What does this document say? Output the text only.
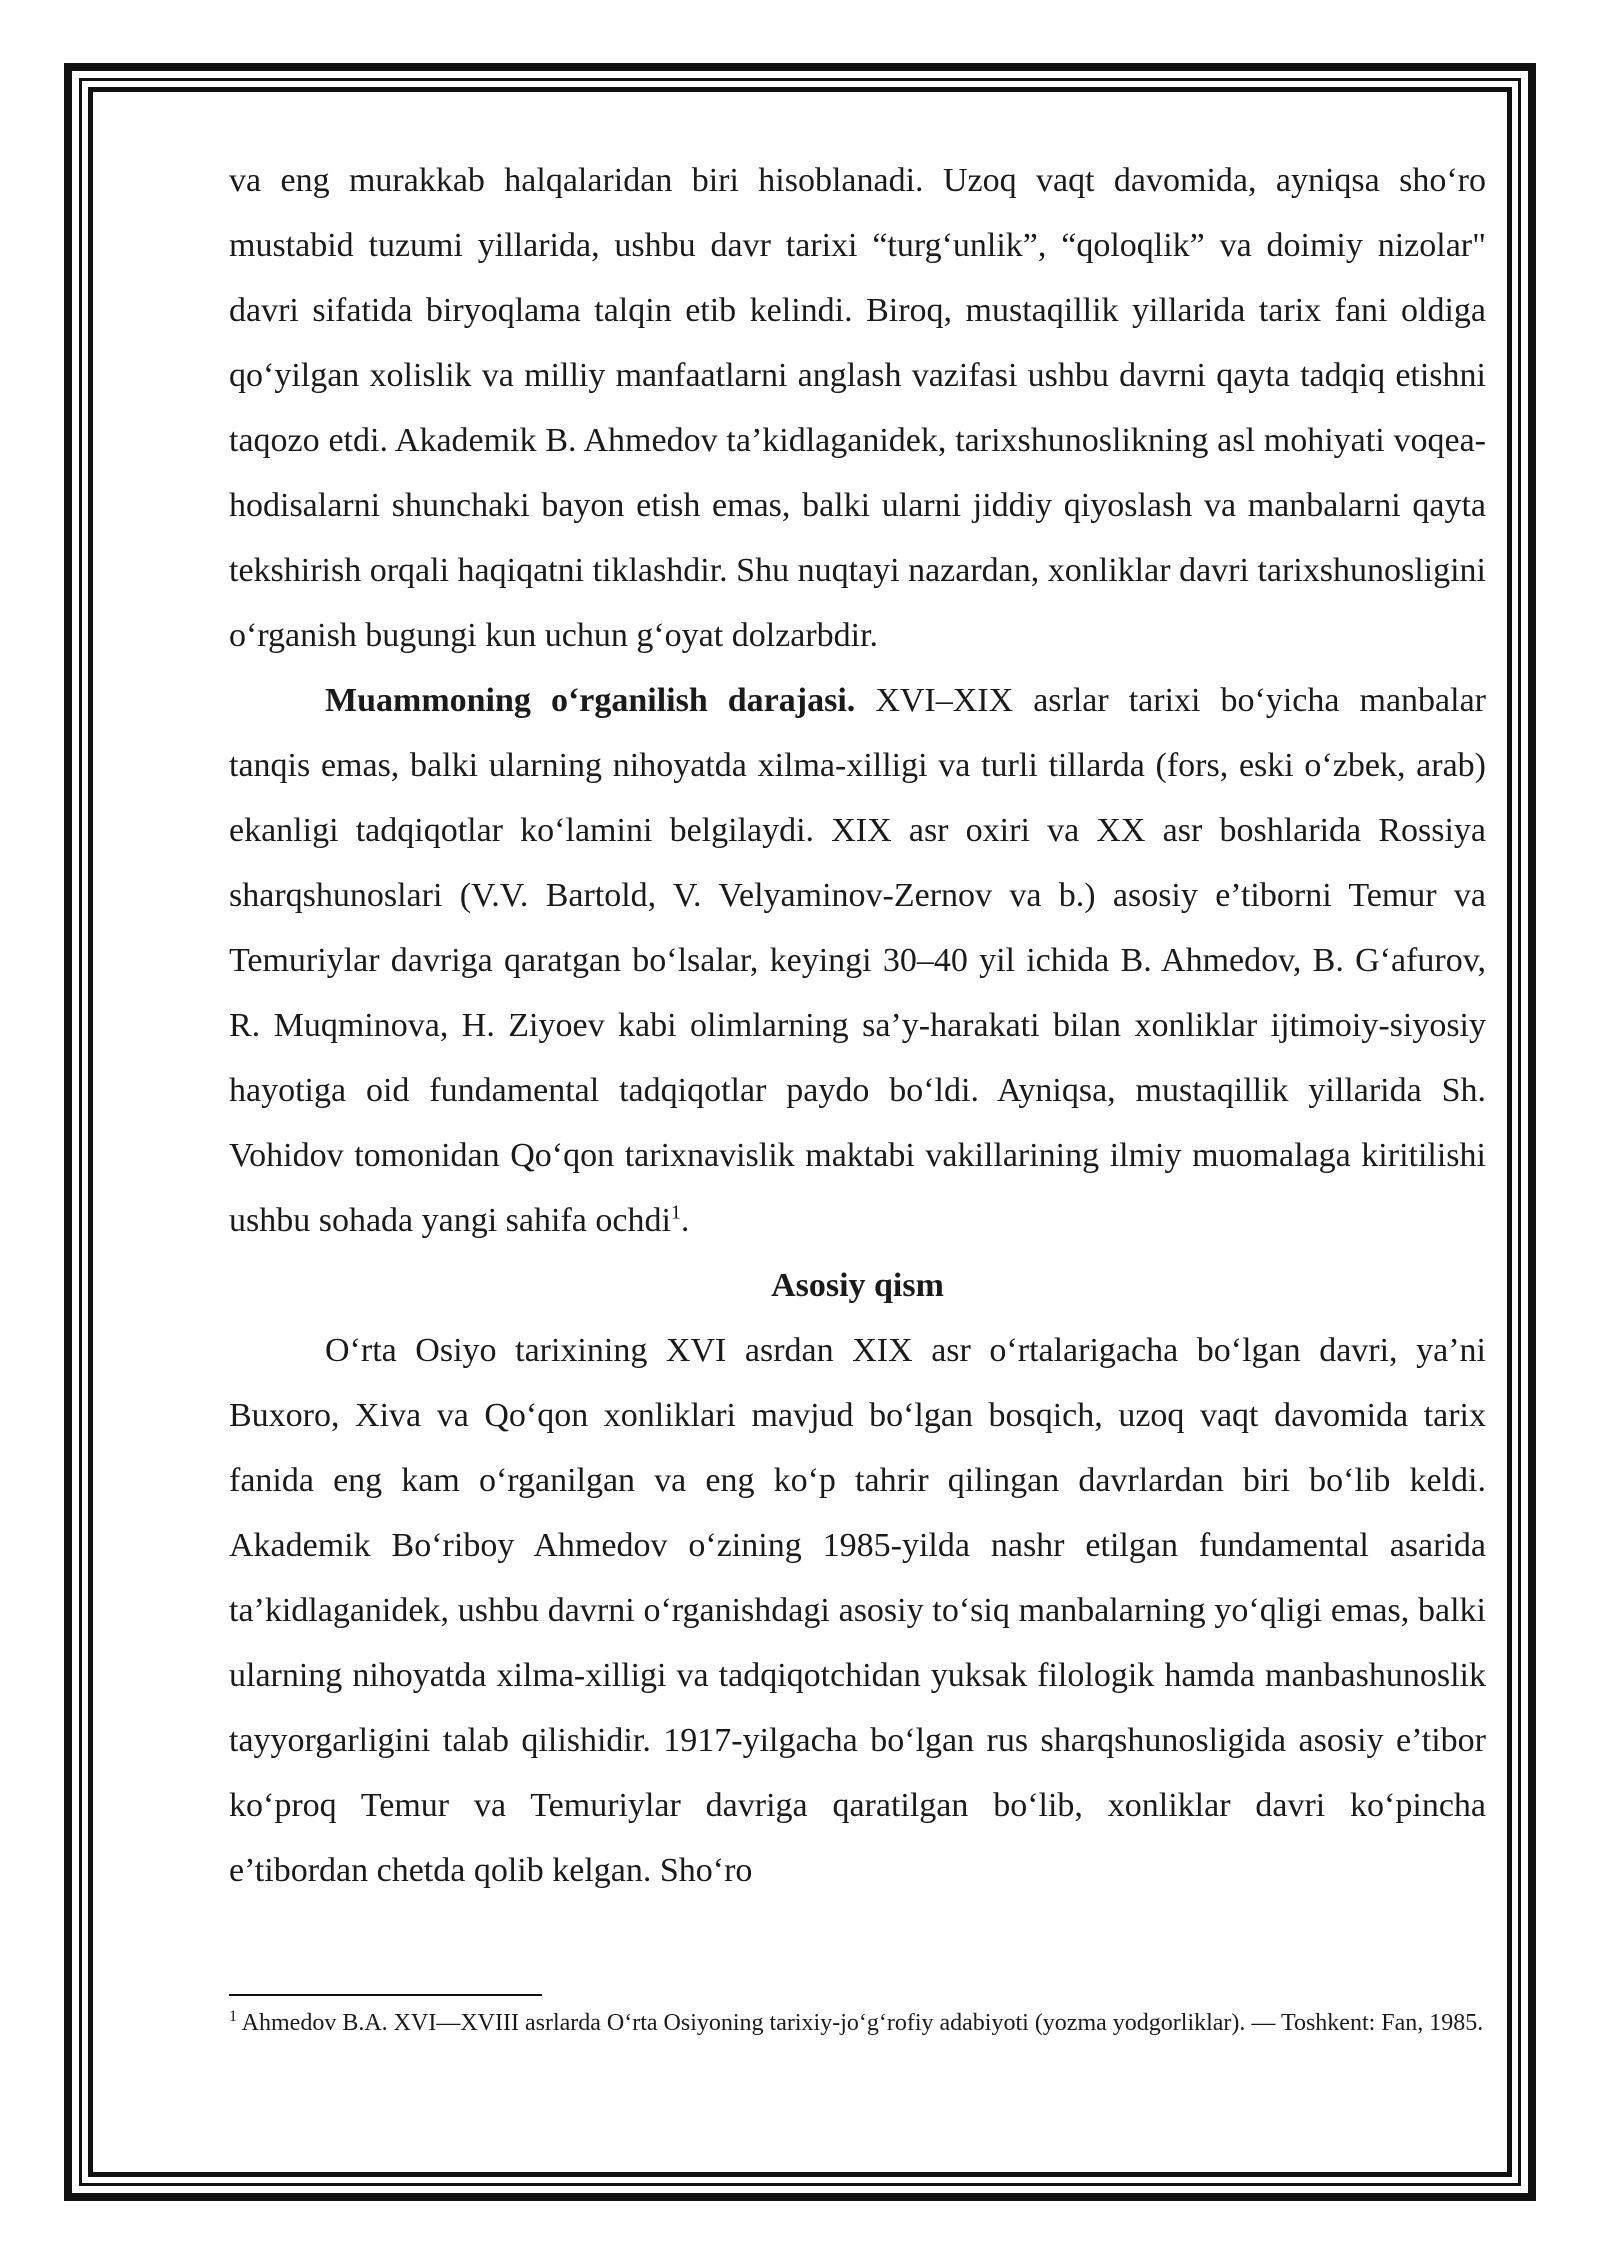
va eng murakkab halqalaridan biri hisoblanadi. Uzoq vaqt davomida, ayniqsa sho‘ro mustabid tuzumi yillarida, ushbu davr tarixi “turg‘unlik”, “qoloqlik” va doimiy nizolar" davri sifatida biryoqlama talqin etib kelindi. Biroq, mustaqillik yillarida tarix fani oldiga qo‘yilgan xolislik va milliy manfaatlarni anglash vazifasi ushbu davrni qayta tadqiq etishni taqozo etdi. Akademik B. Ahmedov ta’kidlaganidek, tarixshunoslikning asl mohiyati voqea-hodisalarni shunchaki bayon etish emas, balki ularni jiddiy qiyoslash va manbalarni qayta tekshirish orqali haqiqatni tiklashdir. Shu nuqtayi nazardan, xonliklar davri tarixshunosligini o‘rganish bugungi kun uchun g‘oyat dolzarbdir.

Muammoning o‘rganilish darajasi. XVI–XIX asrlar tarixi bo‘yicha manbalar tanqis emas, balki ularning nihoyatda xilma-xilligi va turli tillarda (fors, eski o‘zbek, arab) ekanligi tadqiqotlar ko‘lamini belgilaydi. XIX asr oxiri va XX asr boshlarida Rossiya sharqshunoslari (V.V. Bartold, V. Velyaminov-Zernov va b.) asosiy e’tiborni Temur va Temuriylar davriga qaratgan bo‘lsalar, keyingi 30–40 yil ichida B. Ahmedov, B. G‘afurov, R. Muqminova, H. Ziyoev kabi olimlarning sa’y-harakati bilan xonliklar ijtimoiy-siyosiy hayotiga oid fundamental tadqiqotlar paydo bo‘ldi. Ayniqsa, mustaqillik yillarida Sh. Vohidov tomonidan Qo‘qon tarixnavislik maktabi vakillarining ilmiy muomalaga kiritilishi ushbu sohada yangi sahifa ochdi$^1$.

Asosiy qism

O‘rta Osiyo tarixining XVI asrdan XIX asr o‘rtalarigacha bo‘lgan davri, ya’ni Buxoro, Xiva va Qo‘qon xonliklari mavjud bo‘lgan bosqich, uzoq vaqt davomida tarix fanida eng kam o‘rganilgan va eng ko‘p tahrir qilingan davrlardan biri bo‘lib keldi. Akademik Bo‘riboy Ahmedov o‘zining 1985-yilda nashr etilgan fundamental asarida ta’kidlaganidek, ushbu davrni o‘rganishdagi asosiy to‘siq manbalarning yo‘qligi emas, balki ularning nihoyatda xilma-xilligi va tadqiqotchidan yuksak filologik hamda manbashunoslik tayyorgarligini talab qilishidir. 1917-yilgacha bo‘lgan rus sharqshunosligida asosiy e’tibor ko‘proq Temur va Temuriylar davriga qaratilgan bo‘lib, xonliklar davri ko‘pincha e’tibordan chetda qolib kelgan. Sho‘ro

$^1$ Ahmedov B.A. XVI—XVIII asrlarda O‘rta Osiyoning tarixiy-jo‘g‘rofiy adabiyoti (yozma yodgorliklar). — Toshkent: Fan, 1985.
